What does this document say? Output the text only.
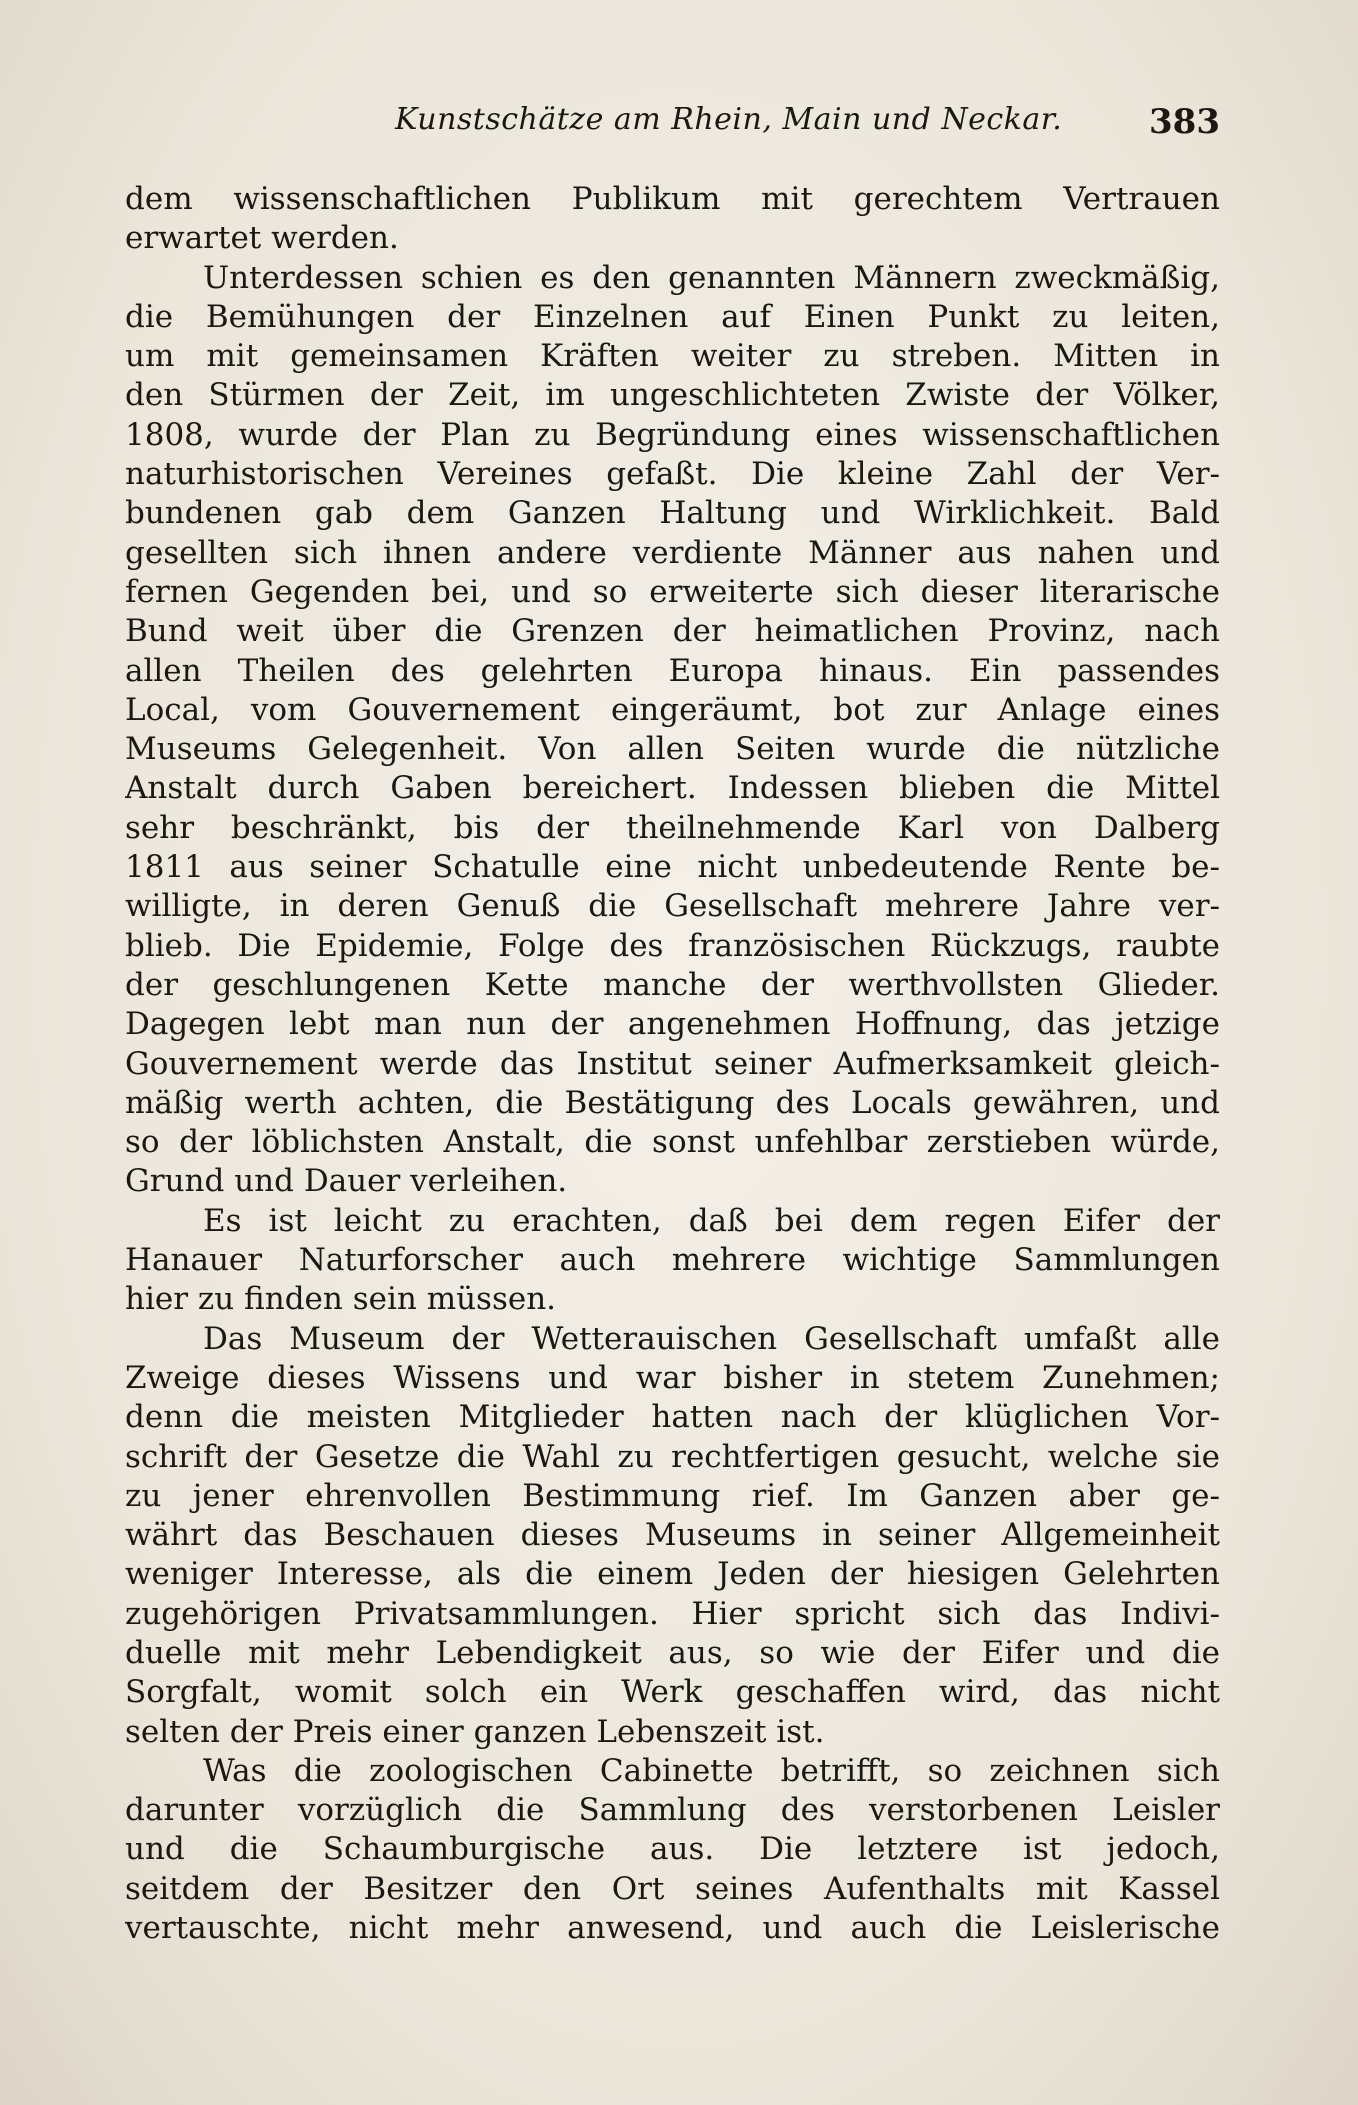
Kunstschätze am Rhein, Main und Neckar.	383
dem wissenschaftlichen Publikum mit gerechtem Vertrauen
erwartet werden.
Unterdessen schien es den genannten Männern zweckmäßig,
die Bemühungen der Einzelnen auf Einen Punkt zu leiten,
um mit gemeinsamen Kräften weiter zu streben. Mitten in
den Stürmen der Zeit, im ungeschlichteten Zwiste der Völker,
1808, wurde der Plan zu Begründung eines wissenschaftlichen
naturhistorischen Vereines gefaßt. Die kleine Zahl der Ver-
bundenen gab dem Ganzen Haltung und Wirklichkeit. Bald
gesellten sich ihnen andere verdiente Männer aus nahen und
fernen Gegenden bei, und so erweiterte sich dieser literarische
Bund weit über die Grenzen der heimatlichen Provinz, nach
allen Theilen des gelehrten Europa hinaus. Ein passendes
Local, vom Gouvernement eingeräumt, bot zur Anlage eines
Museums Gelegenheit. Von allen Seiten wurde die nützliche
Anstalt durch Gaben bereichert. Indessen blieben die Mittel
sehr beschränkt, bis der theilnehmende Karl von Dalberg
1811 aus seiner Schatulle eine nicht unbedeutende Rente be-
willigte, in deren Genuß die Gesellschaft mehrere Jahre ver-
blieb. Die Epidemie, Folge des französischen Rückzugs, raubte
der geschlungenen Kette manche der werthvollsten Glieder.
Dagegen lebt man nun der angenehmen Hoffnung, das jetzige
Gouvernement werde das Institut seiner Aufmerksamkeit gleich-
mäßig werth achten, die Bestätigung des Locals gewähren, und
so der löblichsten Anstalt, die sonst unfehlbar zerstieben würde,
Grund und Dauer verleihen.
Es ist leicht zu erachten, daß bei dem regen Eifer der
Hanauer Naturforscher auch mehrere wichtige Sammlungen
hier zu finden sein müssen.
Das Museum der Wetterauischen Gesellschaft umfaßt alle
Zweige dieses Wissens und war bisher in stetem Zunehmen;
denn die meisten Mitglieder hatten nach der klüglichen Vor-
schrift der Gesetze die Wahl zu rechtfertigen gesucht, welche sie
zu jener ehrenvollen Bestimmung rief. Im Ganzen aber ge-
währt das Beschauen dieses Museums in seiner Allgemeinheit
weniger Interesse, als die einem Jeden der hiesigen Gelehrten
zugehörigen Privatsammlungen. Hier spricht sich das Indivi-
duelle mit mehr Lebendigkeit aus, so wie der Eifer und die
Sorgfalt, womit solch ein Werk geschaffen wird, das nicht
selten der Preis einer ganzen Lebenszeit ist.
Was die zoologischen Cabinette betrifft, so zeichnen sich
darunter vorzüglich die Sammlung des verstorbenen Leisler
und die Schaumburgische aus. Die letztere ist jedoch,
seitdem der Besitzer den Ort seines Aufenthalts mit Kassel
vertauschte, nicht mehr anwesend, und auch die Leislerische
